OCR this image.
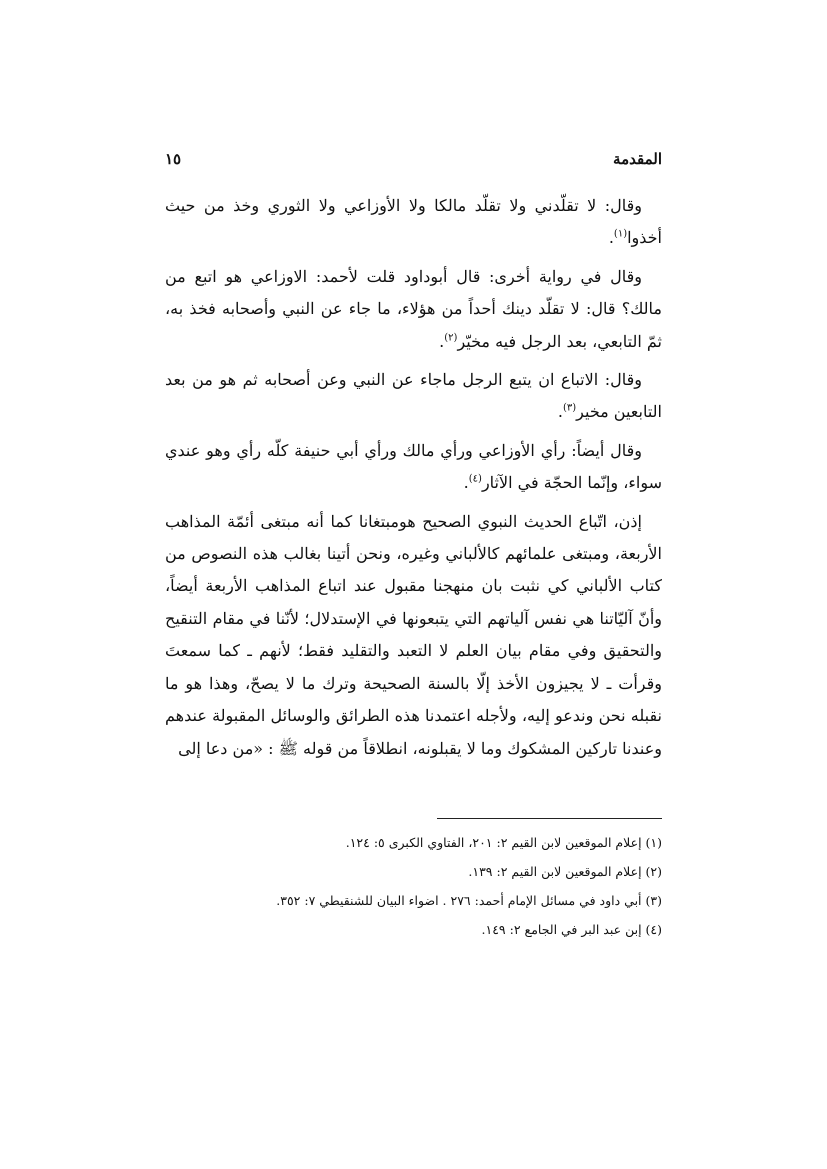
المقدمة
١٥

وقال: لا تقلّدني ولا تقلّد مالكا ولا الأوزاعي ولا الثوري وخذ من حيث أخذوا$^{(١)}$.

وقال في رواية أخرى: قال أبوداود قلت لأحمد: الاوزاعي هو اتبع من مالك؟ قال: لا تقلّد دينك أحداً من هؤلاء، ما جاء عن النبي وأصحابه فخذ به، ثمّ التابعي، بعد الرجل فيه مخيّر$^{(٢)}$.

وقال: الاتباع ان يتبع الرجل ماجاء عن النبي وعن أصحابه ثم هو من بعد التابعين مخير$^{(٣)}$.

وقال أيضاً: رأي الأوزاعي ورأي مالك ورأي أبي حنيفة كلّه رأي وهو عندي سواء، وإنّما الحجّة في الآثار$^{(٤)}$.

إذن، اتّباع الحديث النبوي الصحيح هومبتغانا كما أنه مبتغى أئمّة المذاهب الأربعة، ومبتغى علمائهم كالألباني وغيره، ونحن أتينا بغالب هذه النصوص من كتاب الألباني كي نثبت بان منهجنا مقبول عند اتباع المذاهب الأربعة أيضاً، وأنّ آليّاتنا هي نفس آلياتهم التي يتبعونها في الإستدلال؛ لأنّنا في مقام التنقيح والتحقيق وفي مقام بيان العلم لا التعبد والتقليد فقط؛ لأنهم ـ كما سمعتَ وقرأت ـ لا يجيزون الأخذ إلّا بالسنة الصحيحة وترك ما لا يصحّ، وهذا هو ما نقبله نحن وندعو إليه، ولأجله اعتمدنا هذه الطرائق والوسائل المقبولة عندهم وعندنا تاركين المشكوك وما لا يقبلونه، انطلاقاً من قوله ﷺ : «من دعا إلى

(١) إعلام الموقعين لابن القيم ٢: ٢٠١، الفتاوي الكبرى ٥: ١٢٤.
(٢) إعلام الموقعين لابن القيم ٢: ١٣٩.
(٣) أبي داود في مسائل الإمام أحمد: ٢٧٦ . اضواء البيان للشنقيطي ٧: ٣٥٢.
(٤) إبن عبد البر في الجامع ٢: ١٤٩.
